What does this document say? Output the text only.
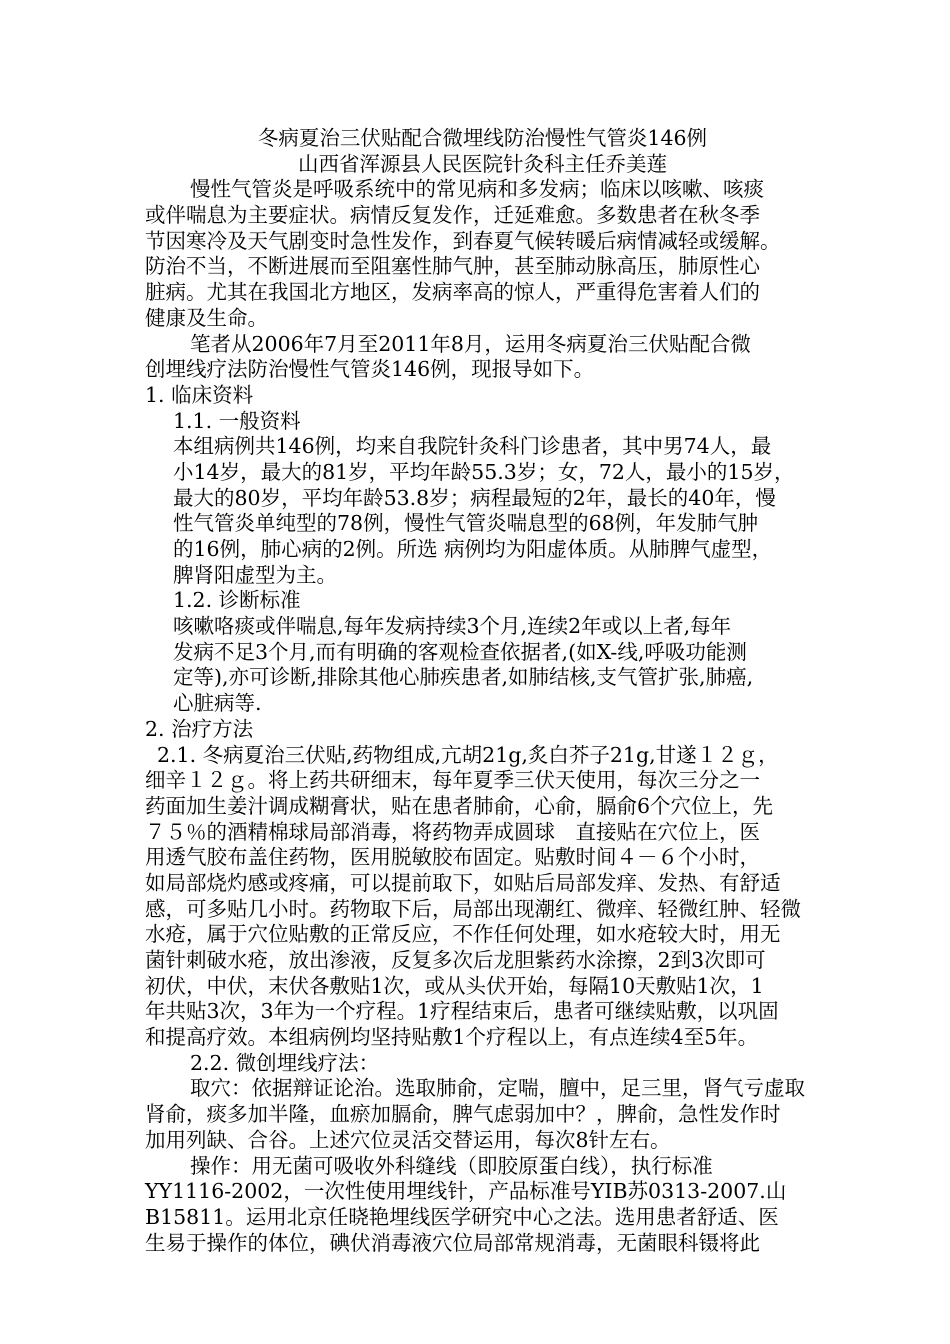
冬病夏治三伏贴配合微埋线防治慢性气管炎146例
山西省浑源县人民医院针灸科主任乔美莲
慢性气管炎是呼吸系统中的常见病和多发病；临床以咳嗽、咳痰
或伴喘息为主要症状。病情反复发作，迁延难愈。多数患者在秋冬季
节因寒冷及天气剧变时急性发作，到春夏气候转暖后病情减轻或缓解。
防治不当，不断进展而至阻塞性肺气肿，甚至肺动脉高压，肺原性心
脏病。尤其在我国北方地区，发病率高的惊人，严重得危害着人们的
健康及生命。
笔者从2006年7月至2011年8月，运用冬病夏治三伏贴配合微
创埋线疗法防治慢性气管炎146例，现报导如下。
1. 临床资料
1.1. 一般资料
本组病例共146例，均来自我院针灸科门诊患者，其中男74人，最
小14岁，最大的81岁，平均年龄55.3岁；女，72人，最小的15岁，
最大的80岁，平均年龄53.8岁；病程最短的2年，最长的40年，慢
性气管炎单纯型的78例，慢性气管炎喘息型的68例，年发肺气肿
的16例，肺心病的2例。所选 病例均为阳虚体质。从肺脾气虚型，
脾肾阳虚型为主。
1.2. 诊断标准
咳嗽咯痰或伴喘息,每年发病持续3个月,连续2年或以上者,每年
发病不足3个月,而有明确的客观检查依据者,(如X-线,呼吸功能测
定等),亦可诊断,排除其他心肺疾患者,如肺结核,支气管扩张,肺癌,
心脏病等.
2. 治疗方法
2.1. 冬病夏治三伏贴,药物组成,亢胡21g,炙白芥子21g,甘遂１２ｇ，
细辛１２ｇ。将上药共研细末，每年夏季三伏天使用，每次三分之一
药面加生姜汁调成糊膏状，贴在患者肺俞，心俞，膈俞6个穴位上，先
７５％的酒精棉球局部消毒，将药物弄成圆球　直接贴在穴位上，医
用透气胶布盖住药物，医用脱敏胶布固定。贴敷时间４－６个小时，
如局部烧灼感或疼痛，可以提前取下，如贴后局部发痒、发热、有舒适
感，可多贴几小时。药物取下后，局部出现潮红、微痒、轻微红肿、轻微
水疮，属于穴位贴敷的正常反应，不作任何处理，如水疮较大时，用无
菌针刺破水疮，放出渗液，反复多次后龙胆紫药水涂擦，2到3次即可
初伏，中伏，末伏各敷贴1次，或从头伏开始，每隔10天敷贴1次，1
年共贴3次，3年为一个疗程。1疗程结束后，患者可继续贴敷，以巩固
和提高疗效。本组病例均坚持贴敷1个疗程以上，有点连续4至5年。
2.2. 微创埋线疗法：
取穴：依据辩证论治。选取肺俞，定喘，膻中，足三里，肾气亏虚取
肾俞，痰多加半隆，血瘀加膈俞，脾气虑弱加中？，脾俞，急性发作时
加用列缺、合谷。上述穴位灵活交替运用，每次8针左右。
操作：用无菌可吸收外科缝线（即胶原蛋白线），执行标准
YY1116-2002，一次性使用埋线针，产品标准号YIB苏0313-2007.山
B15811。运用北京任晓艳埋线医学研究中心之法。选用患者舒适、医
生易于操作的体位，碘伏消毒液穴位局部常规消毒，无菌眼科镊将此
